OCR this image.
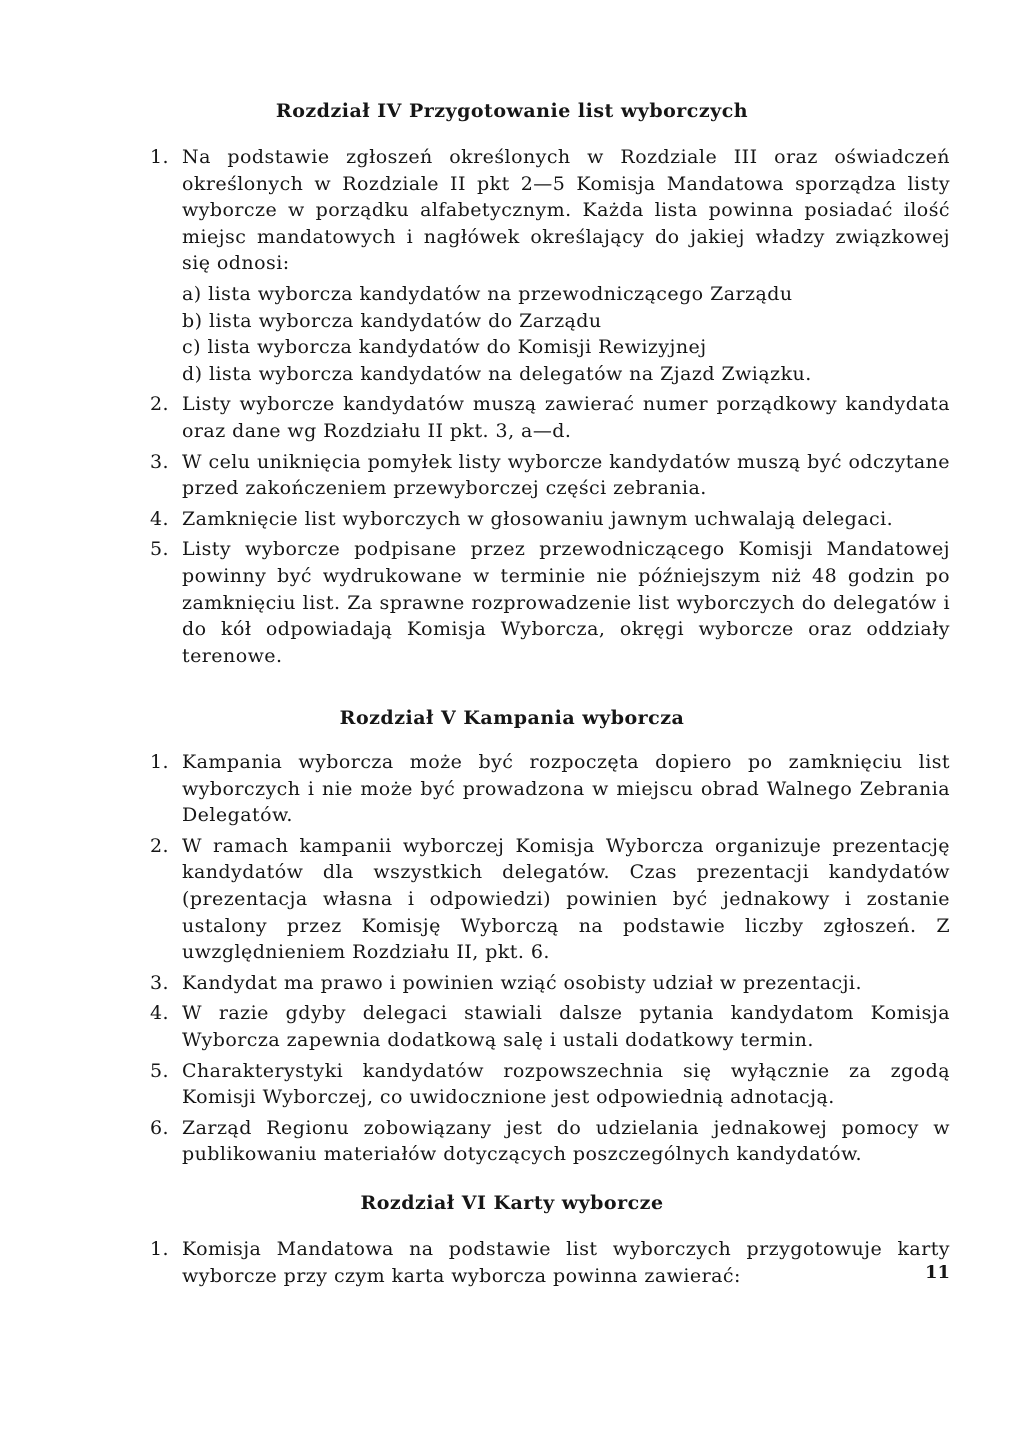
Rozdział IV Przygotowanie list wyborczych
1. Na podstawie zgłoszeń określonych w Rozdziale III oraz oświadczeń określonych w Rozdziale II pkt 2—5 Komisja Mandatowa sporządza listy wyborcze w porządku alfabetycznym. Każda lista powinna posiadać ilość miejsc mandatowych i nagłówek określający do jakiej władzy związkowej się odnosi:
a) lista wyborcza kandydatów na przewodniczącego Zarządu
b) lista wyborcza kandydatów do Zarządu
c) lista wyborcza kandydatów do Komisji Rewizyjnej
d) lista wyborcza kandydatów na delegatów na Zjazd Związku.
2. Listy wyborcze kandydatów muszą zawierać numer porządkowy kandydata oraz dane wg Rozdziału II pkt. 3, a—d.
3. W celu uniknięcia pomyłek listy wyborcze kandydatów muszą być odczytane przed zakończeniem przewyborczej części zebrania.
4. Zamknięcie list wyborczych w głosowaniu jawnym uchwalają delegaci.
5. Listy wyborcze podpisane przez przewodniczącego Komisji Mandatowej powinny być wydrukowane w terminie nie późniejszym niż 48 godzin po zamknięciu list. Za sprawne rozprowadzenie list wyborczych do delegatów i do kół odpowiadają Komisja Wyborcza, okręgi wyborcze oraz oddziały terenowe.
Rozdział V Kampania wyborcza
1. Kampania wyborcza może być rozpoczęta dopiero po zamknięciu list wyborczych i nie może być prowadzona w miejscu obrad Walnego Zebrania Delegatów.
2. W ramach kampanii wyborczej Komisja Wyborcza organizuje prezentację kandydatów dla wszystkich delegatów. Czas prezentacji kandydatów (prezentacja własna i odpowiedzi) powinien być jednakowy i zostanie ustalony przez Komisję Wyborczą na podstawie liczby zgłoszeń. Z uwzględnieniem Rozdziału II, pkt. 6.
3. Kandydat ma prawo i powinien wziąć osobisty udział w prezentacji.
4. W razie gdyby delegaci stawiali dalsze pytania kandydatom Komisja Wyborcza zapewnia dodatkową salę i ustali dodatkowy termin.
5. Charakterystyki kandydatów rozpowszechnia się wyłącznie za zgodą Komisji Wyborczej, co uwidocznione jest odpowiednią adnotacją.
6. Zarząd Regionu zobowiązany jest do udzielania jednakowej pomocy w publikowaniu materiałów dotyczących poszczególnych kandydatów.
Rozdział VI Karty wyborcze
1. Komisja Mandatowa na podstawie list wyborczych przygotowuje karty wyborcze przy czym karta wyborcza powinna zawierać:	11
